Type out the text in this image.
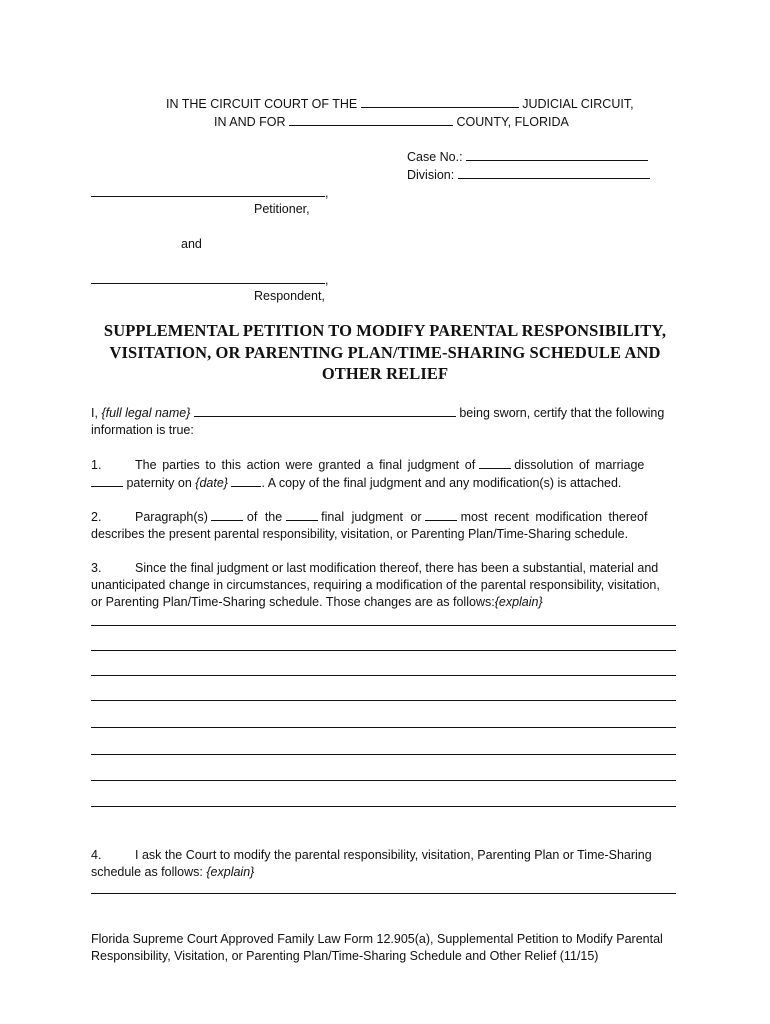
IN THE CIRCUIT COURT OF THE	JUDICIAL CIRCUIT,
IN AND FOR	COUNTY, FLORIDA
Case No.:
Division:
,
Petitioner,
and
,
Respondent,
SUPPLEMENTAL PETITION TO MODIFY PARENTAL RESPONSIBILITY,
VISITATION, OR PARENTING PLAN/TIME-SHARING SCHEDULE AND
OTHER RELIEF
I, {full legal name}	being sworn, certify that the following
information is true:
1.	The parties to this action were granted a final judgment of	dissolution of marriage
paternity on {date}	. A copy of the final judgment and any modification(s) is attached.
2.	Paragraph(s)	of the	final judgment or	most recent modification thereof
describes the present parental responsibility, visitation, or Parenting Plan/Time-Sharing schedule.
3.	Since the final judgment or last modification thereof, there has been a substantial, material and
unanticipated change in circumstances, requiring a modification of the parental responsibility, visitation,
or Parenting Plan/Time-Sharing schedule. Those changes are as follows:{explain}
4.	I ask the Court to modify the parental responsibility, visitation, Parenting Plan or Time-Sharing
schedule as follows: {explain}
Florida Supreme Court Approved Family Law Form 12.905(a), Supplemental Petition to Modify Parental
Responsibility, Visitation, or Parenting Plan/Time-Sharing Schedule and Other Relief (11/15)
